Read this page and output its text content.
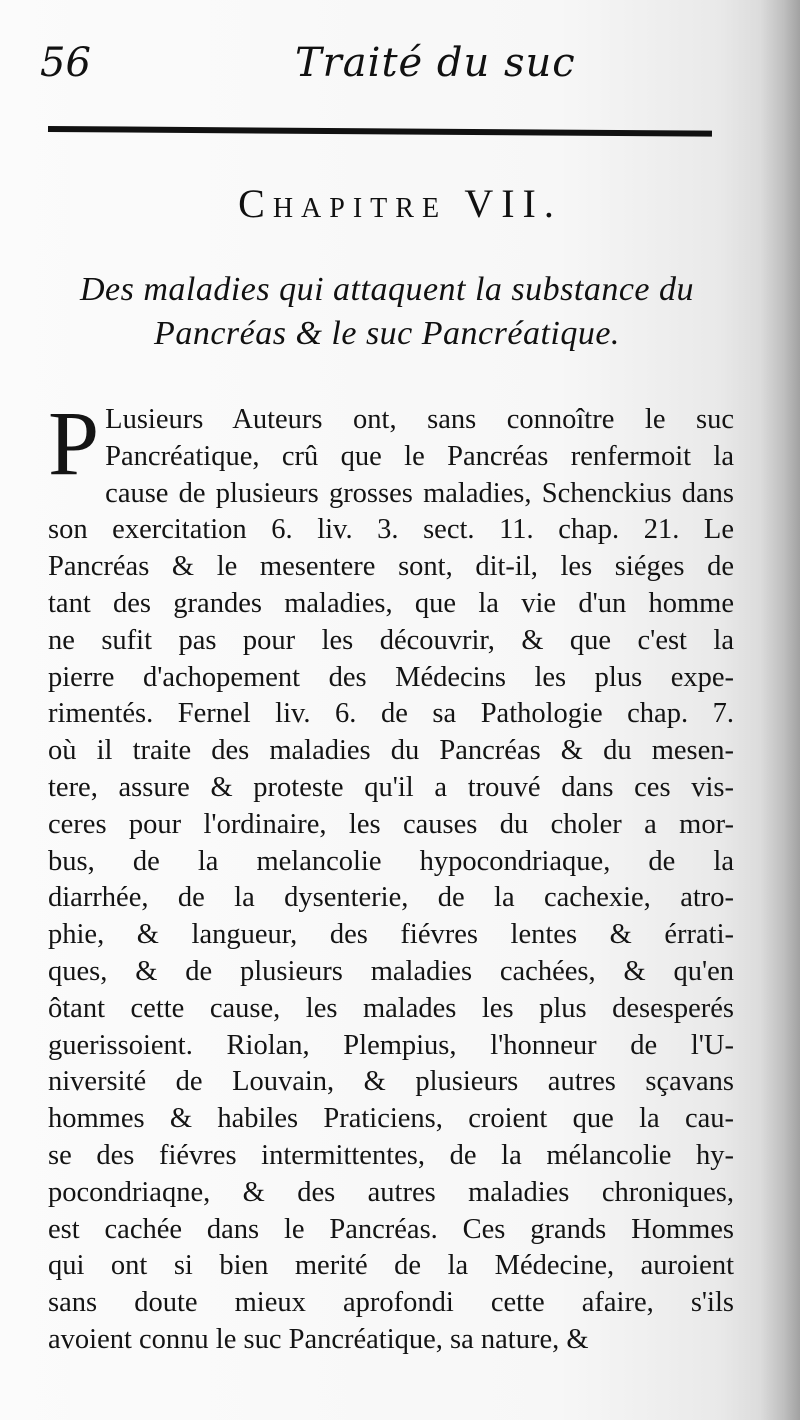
56	Traité du suc
Chapitre VII.
Des maladies qui attaquent la substance du
Pancréas & le suc Pancréatique.
P Lusieurs Auteurs ont, sans connoître le suc
Pancréatique, crû que le Pancréas renfermoit la
cause de plusieurs grosses maladies, Schenckius dans
son exercitation 6. liv. 3. sect. 11. chap. 21. Le
Pancréas & le mesentere sont, dit-il, les siéges de
tant des grandes maladies, que la vie d'un homme
ne sufit pas pour les découvrir, & que c'est la
pierre d'achopement des Médecins les plus expe-
rimentés. Fernel liv. 6. de sa Pathologie chap. 7.
où il traite des maladies du Pancréas & du mesen-
tere, assure & proteste qu'il a trouvé dans ces vis-
ceres pour l'ordinaire, les causes du choler a mor-
bus, de la melancolie hypocondriaque, de la
diarrhée, de la dysenterie, de la cachexie, atro-
phie, & langueur, des fiévres lentes & érrati-
ques, & de plusieurs maladies cachées, & qu'en
ôtant cette cause, les malades les plus desesperés
guerissoient. Riolan, Plempius, l'honneur de l'U-
niversité de Louvain, & plusieurs autres sçavans
hommes & habiles Praticiens, croient que la cau-
se des fiévres intermittentes, de la mélancolie hy-
pocondriaqne, & des autres maladies chroniques,
est cachée dans le Pancréas. Ces grands Hommes
qui ont si bien merité de la Médecine, auroient
sans doute mieux aprofondi cette afaire, s'ils
avoient connu le suc Pancréatique, sa nature, &
